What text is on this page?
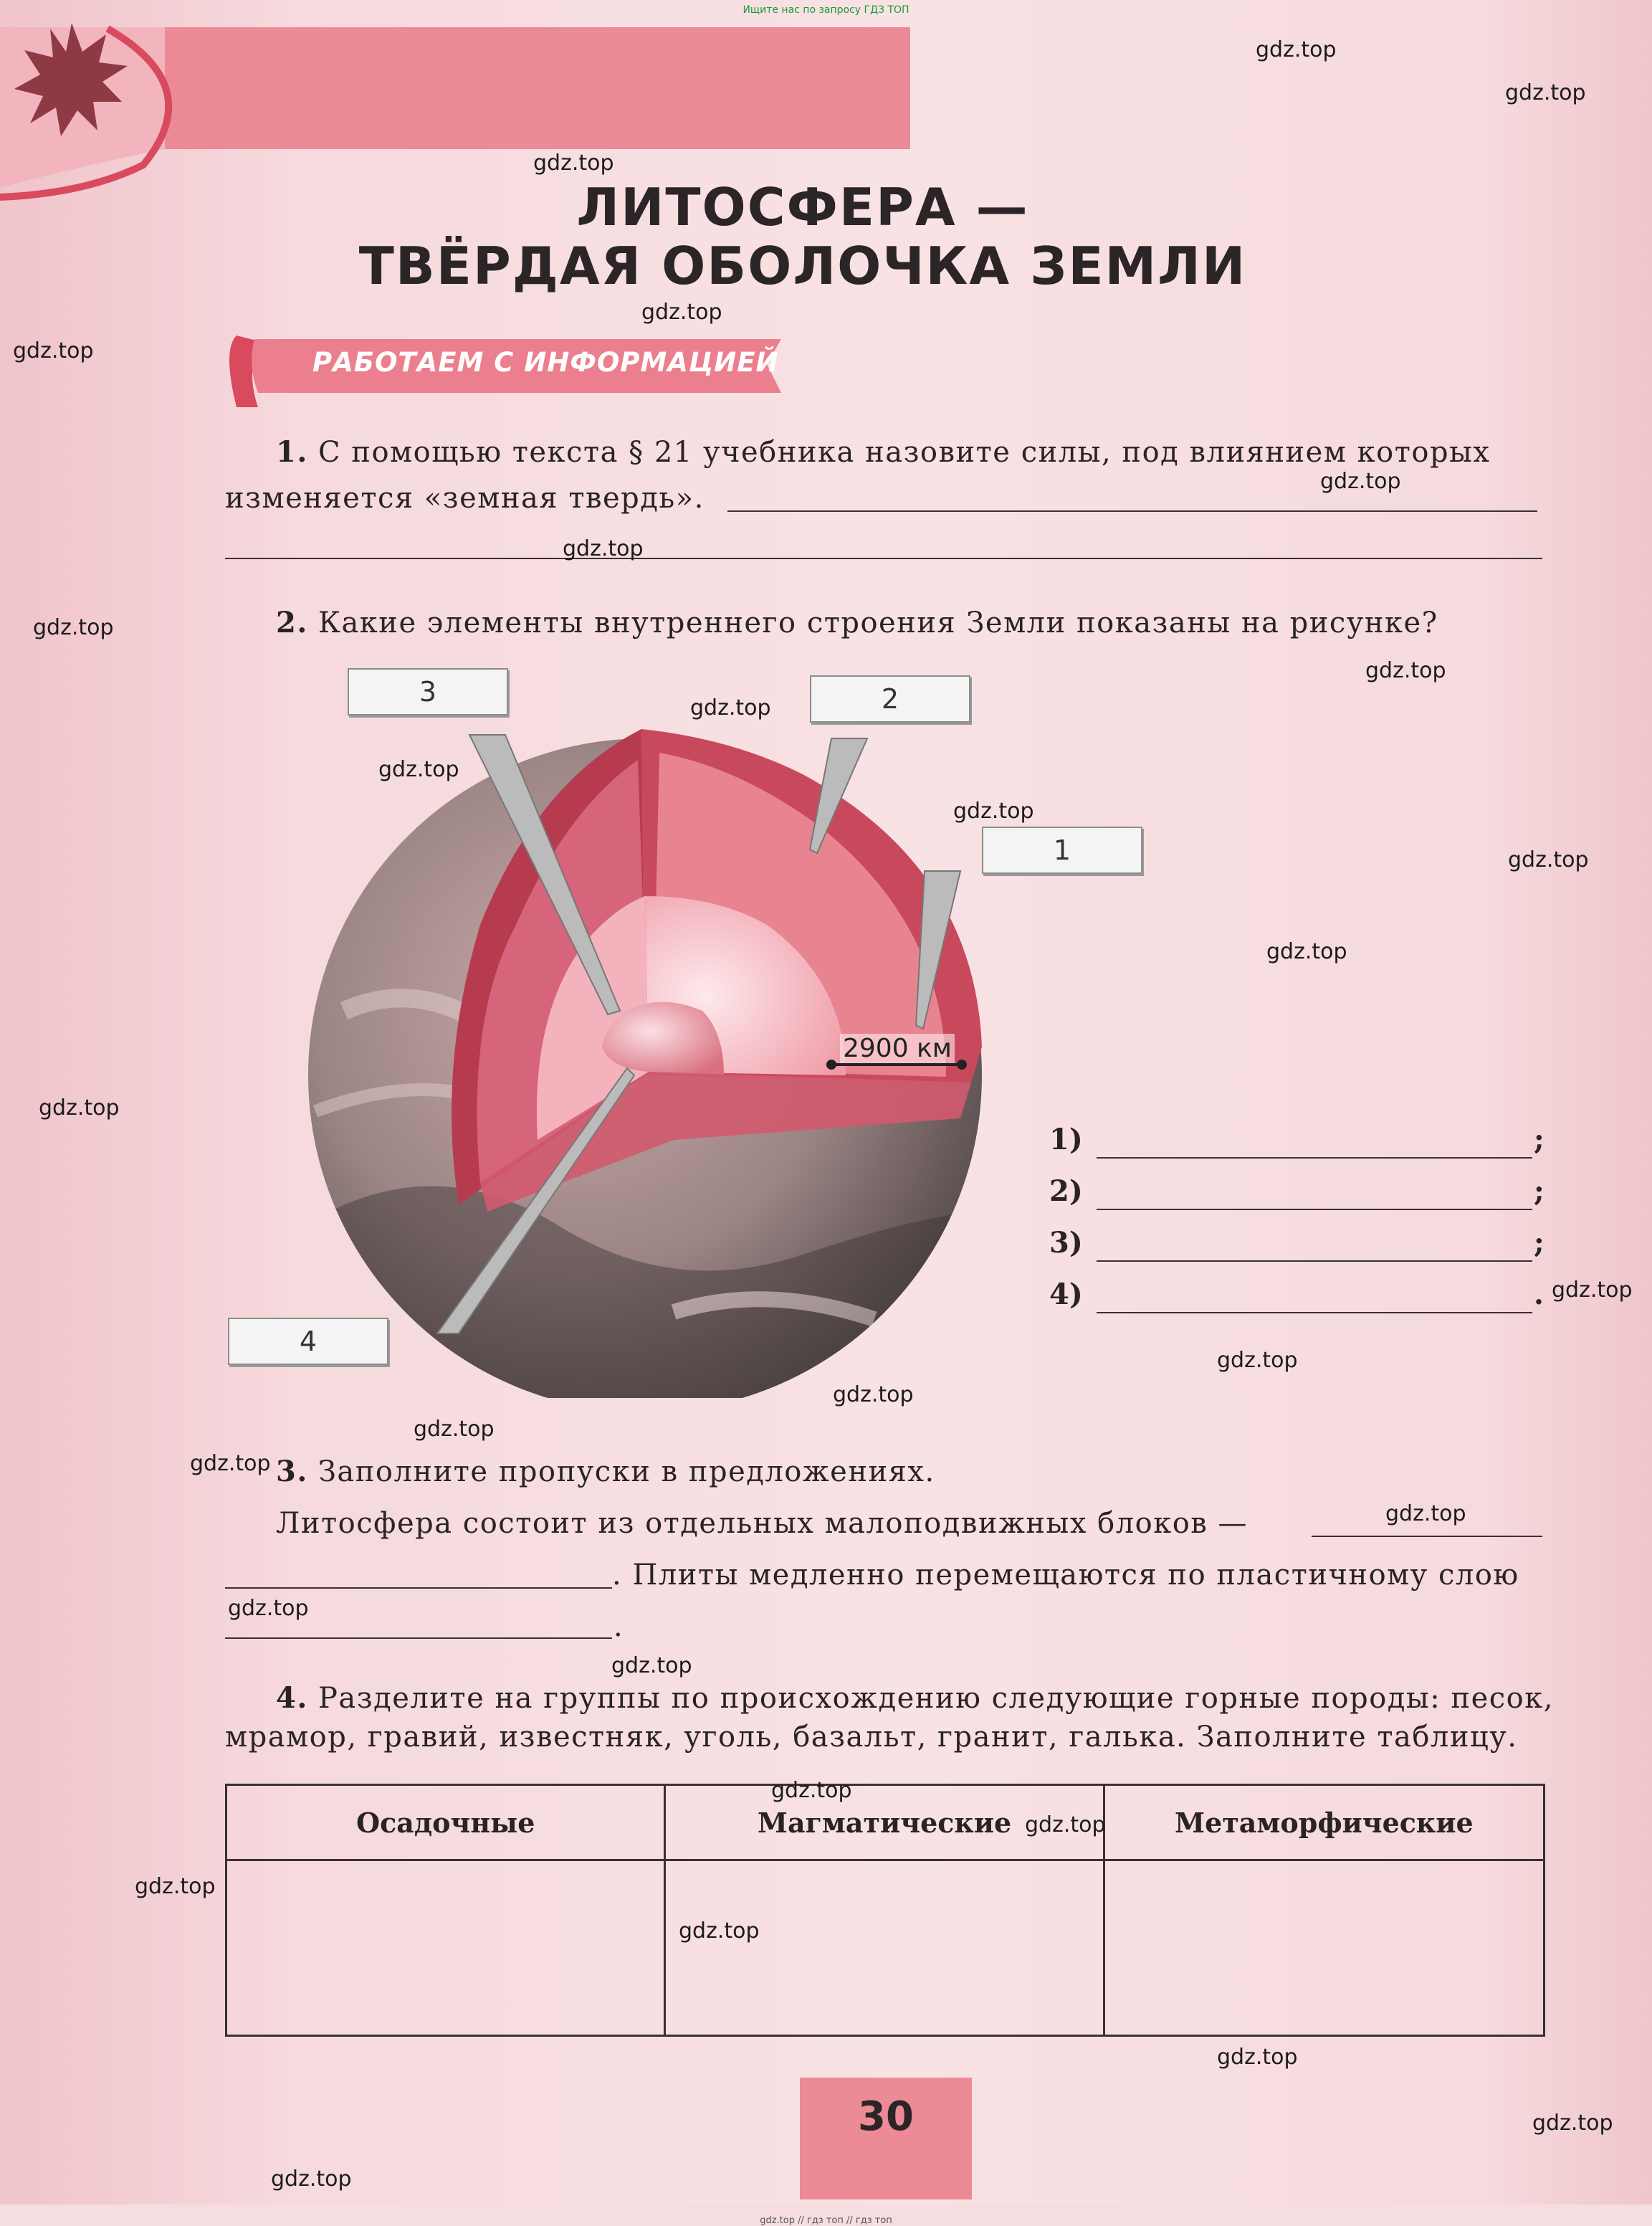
Ищите нас по запросу ГДЗ ТОП
ЛИТОСФЕРА —
ТВЁРДАЯ ОБОЛОЧКА ЗЕМЛИ
РАБОТАЕМ С ИНФОРМАЦИЕЙ
1. С помощью текста § 21 учебника назовите силы, под влиянием которых
изменяется «земная твердь».
2. Какие элементы внутреннего строения Земли показаны на рисунке?
2900 км
3	2
1
4
1)	;
2)	;
3)	;
4)	.
3. Заполните пропуски в предложениях.
Литосфера состоит из отдельных малоподвижных блоков —
. Плиты медленно перемещаются по пластичному слою
.
4. Разделите на группы по происхождению следующие горные породы: песок,
мрамор, гравий, известняк, уголь, базальт, гранит, галька. Заполните таблицу.
Осадочные	Магматические	Метаморфические

30
gdz.top // гдз топ // гдз топ
gdz.top
gdz.top
gdz.top
gdz.top
gdz.top
gdz.top
gdz.top
gdz.top
gdz.top
gdz.top
gdz.top
gdz.top
gdz.top
gdz.top
gdz.top
gdz.top
gdz.top
gdz.top
gdz.top
gdz.top
gdz.top
gdz.top
gdz.top
gdz.top
gdz.top
gdz.top
gdz.top
gdz.top
gdz.top
gdz.top
